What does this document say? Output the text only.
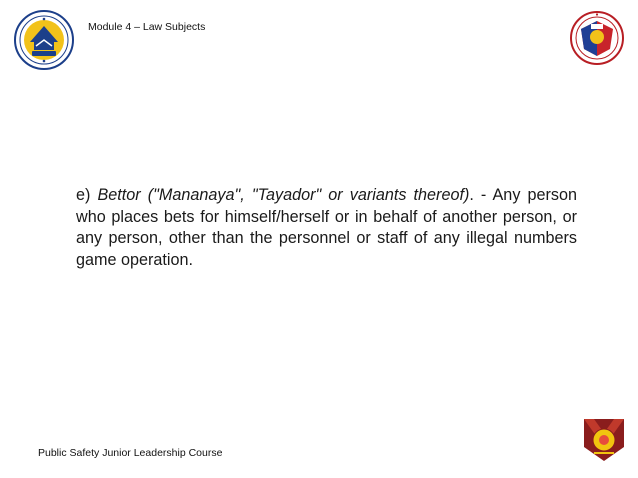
Module 4 – Law Subjects
e) Bettor ("Mananaya", "Tayador" or variants thereof). - Any person who places bets for himself/herself or in behalf of another person, or any person, other than the personnel or staff of any illegal numbers game operation.
Public Safety Junior Leadership Course
